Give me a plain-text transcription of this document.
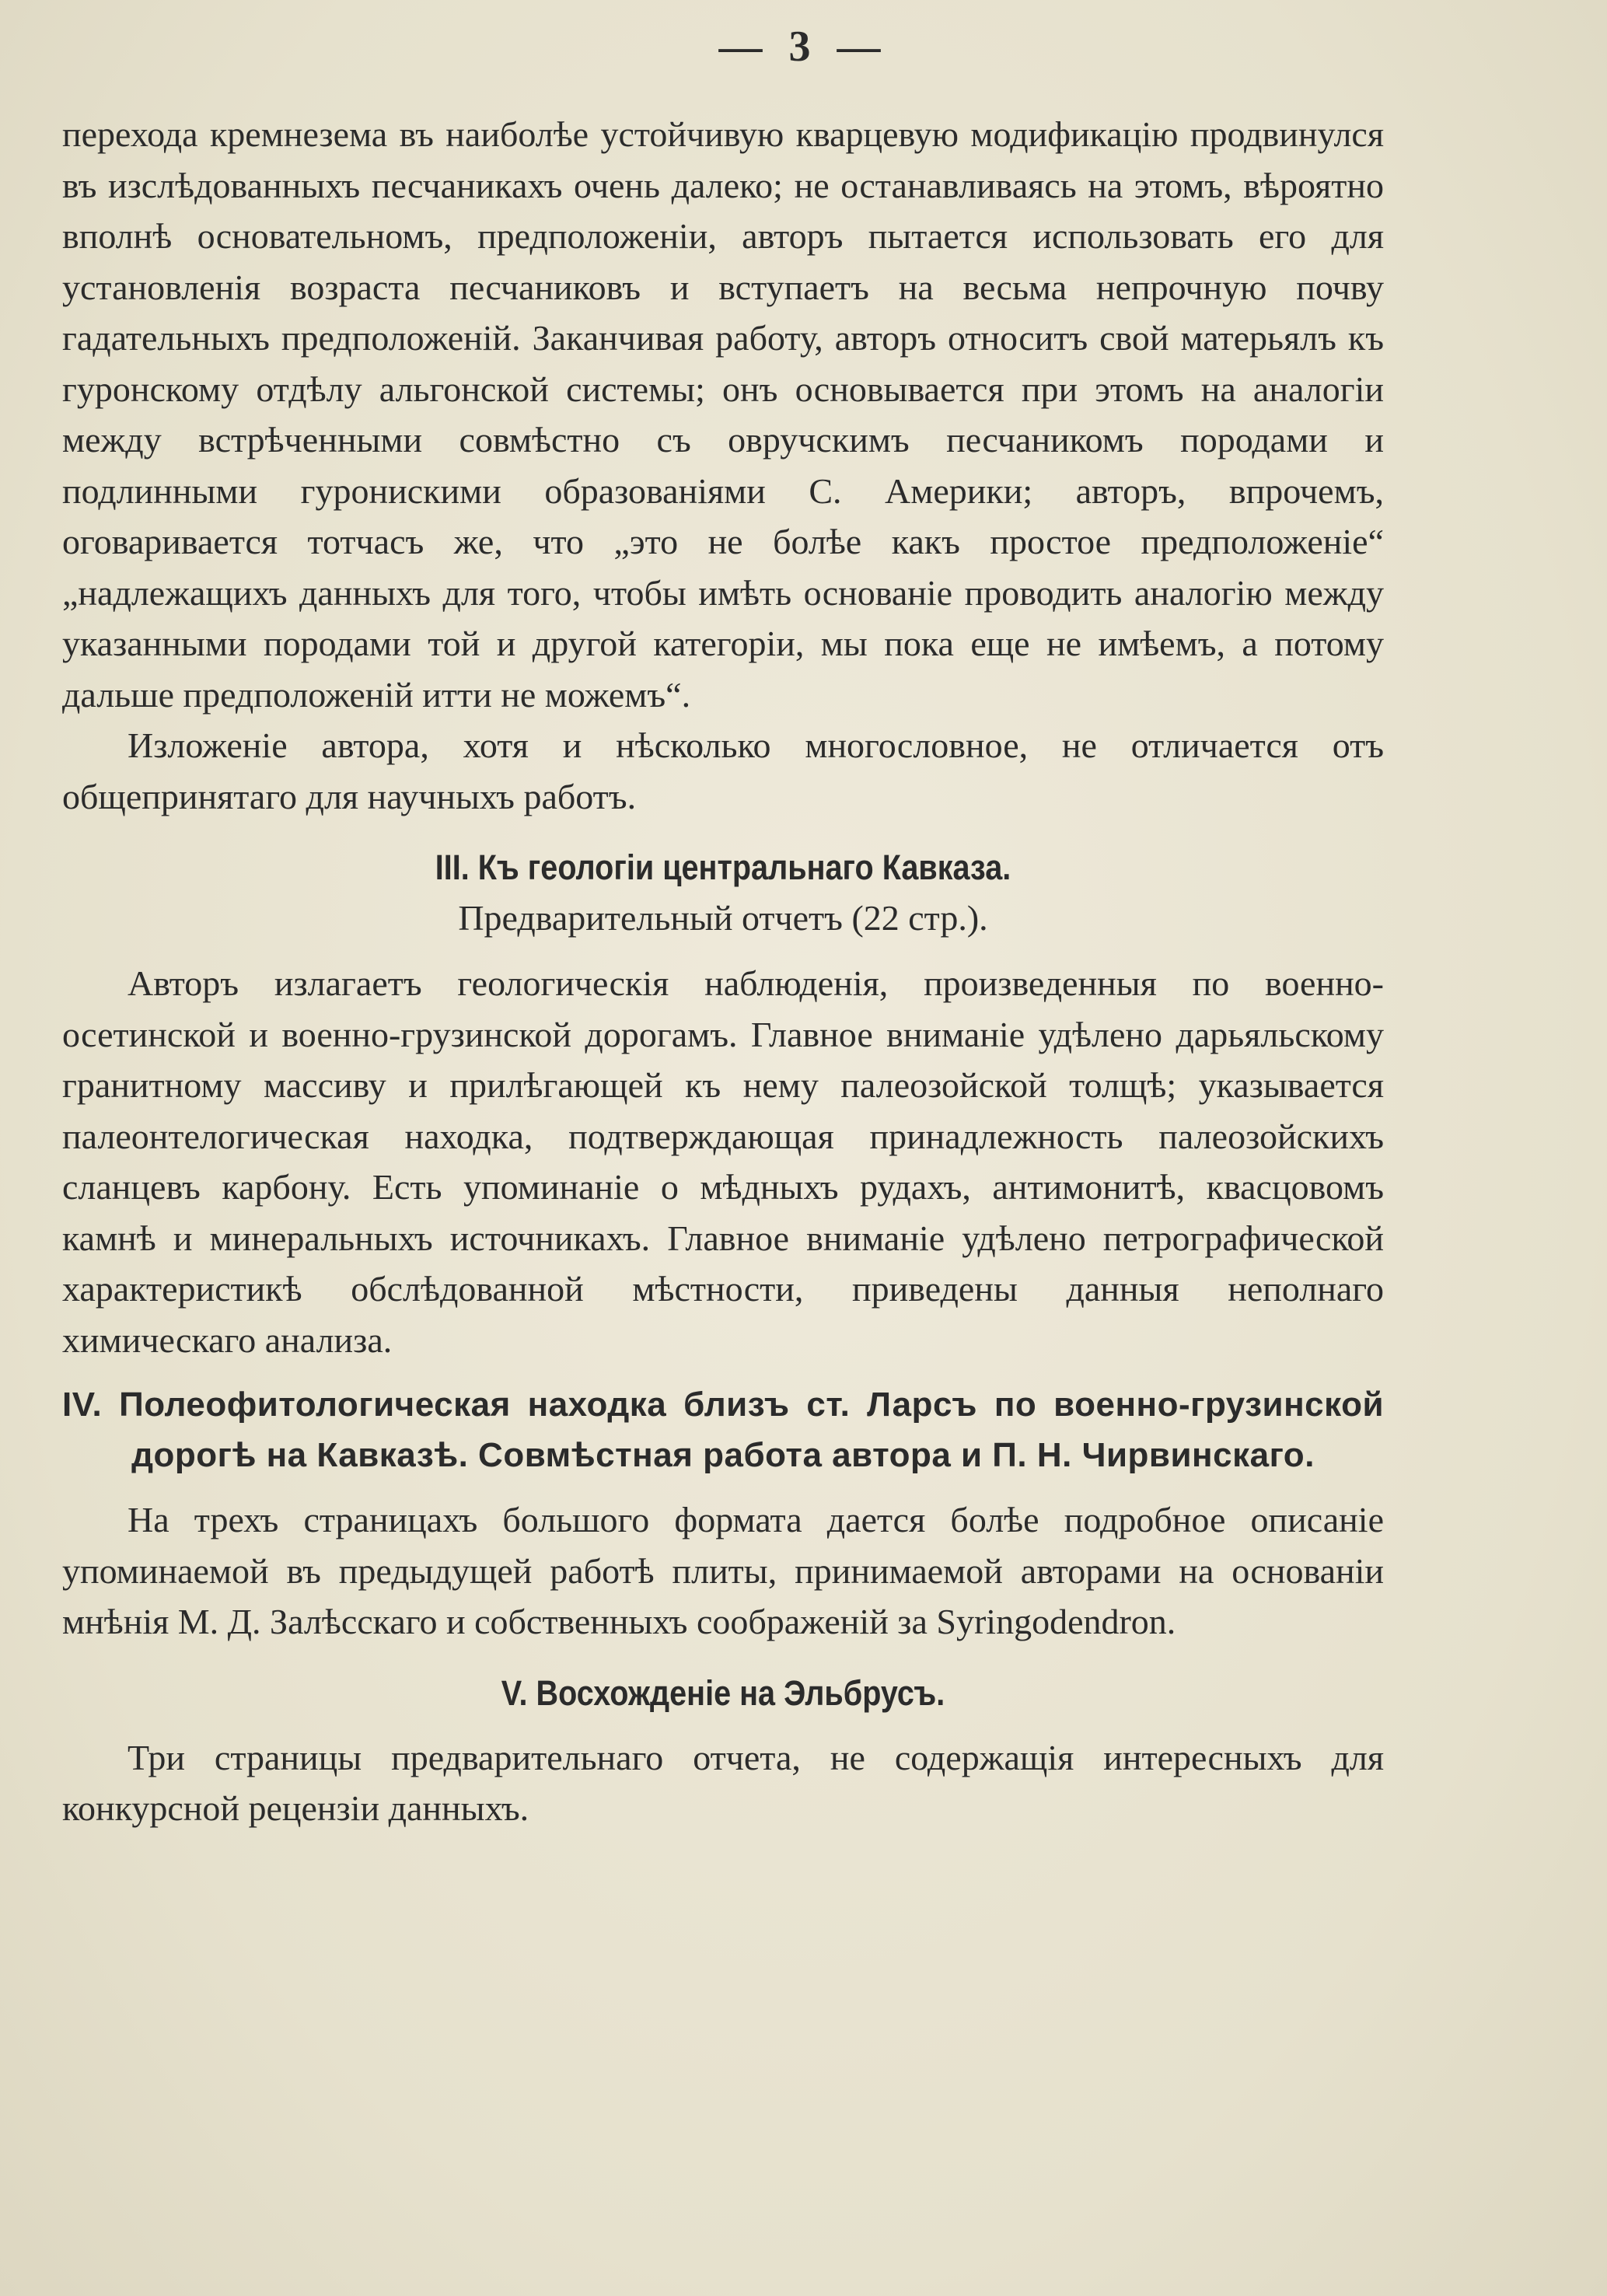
— 3 —

перехода кремнезема въ наиболѣе устойчивую кварцевую модификацію продвинулся въ изслѣдованныхъ песчаникахъ очень далеко; не останавливаясь на этомъ, вѣроятно вполнѣ основательномъ, предположеніи, авторъ пытается использовать его для установленія возраста песчаниковъ и вступаетъ на весьма непрочную почву гадательныхъ предположеній. Заканчивая работу, авторъ относитъ свой матерьялъ къ гуронскому отдѣлу альгонской системы; онъ основывается при этомъ на аналогіи между встрѣченными совмѣстно съ овручскимъ песчаникомъ породами и подлинными гуронискими образованіями С. Америки; авторъ, впрочемъ, оговаривается тотчасъ же, что „это не болѣе какъ простое предположеніе“ „надлежащихъ данныхъ для того, чтобы имѣть основаніе проводить аналогію между указанными породами той и другой категоріи, мы пока еще не имѣемъ, а потому дальше предположеній итти не можемъ“.

Изложеніе автора, хотя и нѣсколько многословное, не отличается отъ общепринятаго для научныхъ работъ.

III. Къ геологіи центральнаго Кавказа.
Предварительный отчетъ (22 стр.).

Авторъ излагаетъ геологическія наблюденія, произведенныя по военно-осетинской и военно-грузинской дорогамъ. Главное вниманіе удѣлено дарьяльскому гранитному массиву и прилѣгающей къ нему палеозойской толщѣ; указывается палеонтелогическая находка, подтверждающая принадлежность палеозойскихъ сланцевъ карбону. Есть упоминаніе о мѣдныхъ рудахъ, антимонитѣ, квасцовомъ камнѣ и минеральныхъ источникахъ. Главное вниманіе удѣлено петрографической характеристикѣ обслѣдованной мѣстности, приведены данныя неполнаго химическаго анализа.

IV. Полеофитологическая находка близъ ст. Ларсъ по военно-грузинской дорогѣ на Кавказѣ. Совмѣстная работа автора и П. Н. Чирвинскаго.

На трехъ страницахъ большого формата дается болѣе подробное описаніе упоминаемой въ предыдущей работѣ плиты, принимаемой авторами на основаніи мнѣнія М. Д. Залѣсскаго и собственныхъ соображеній за Syringodendron.

V. Восхожденіе на Эльбрусъ.

Три страницы предварительнаго отчета, не содержащія интересныхъ для конкурсной рецензіи данныхъ.
